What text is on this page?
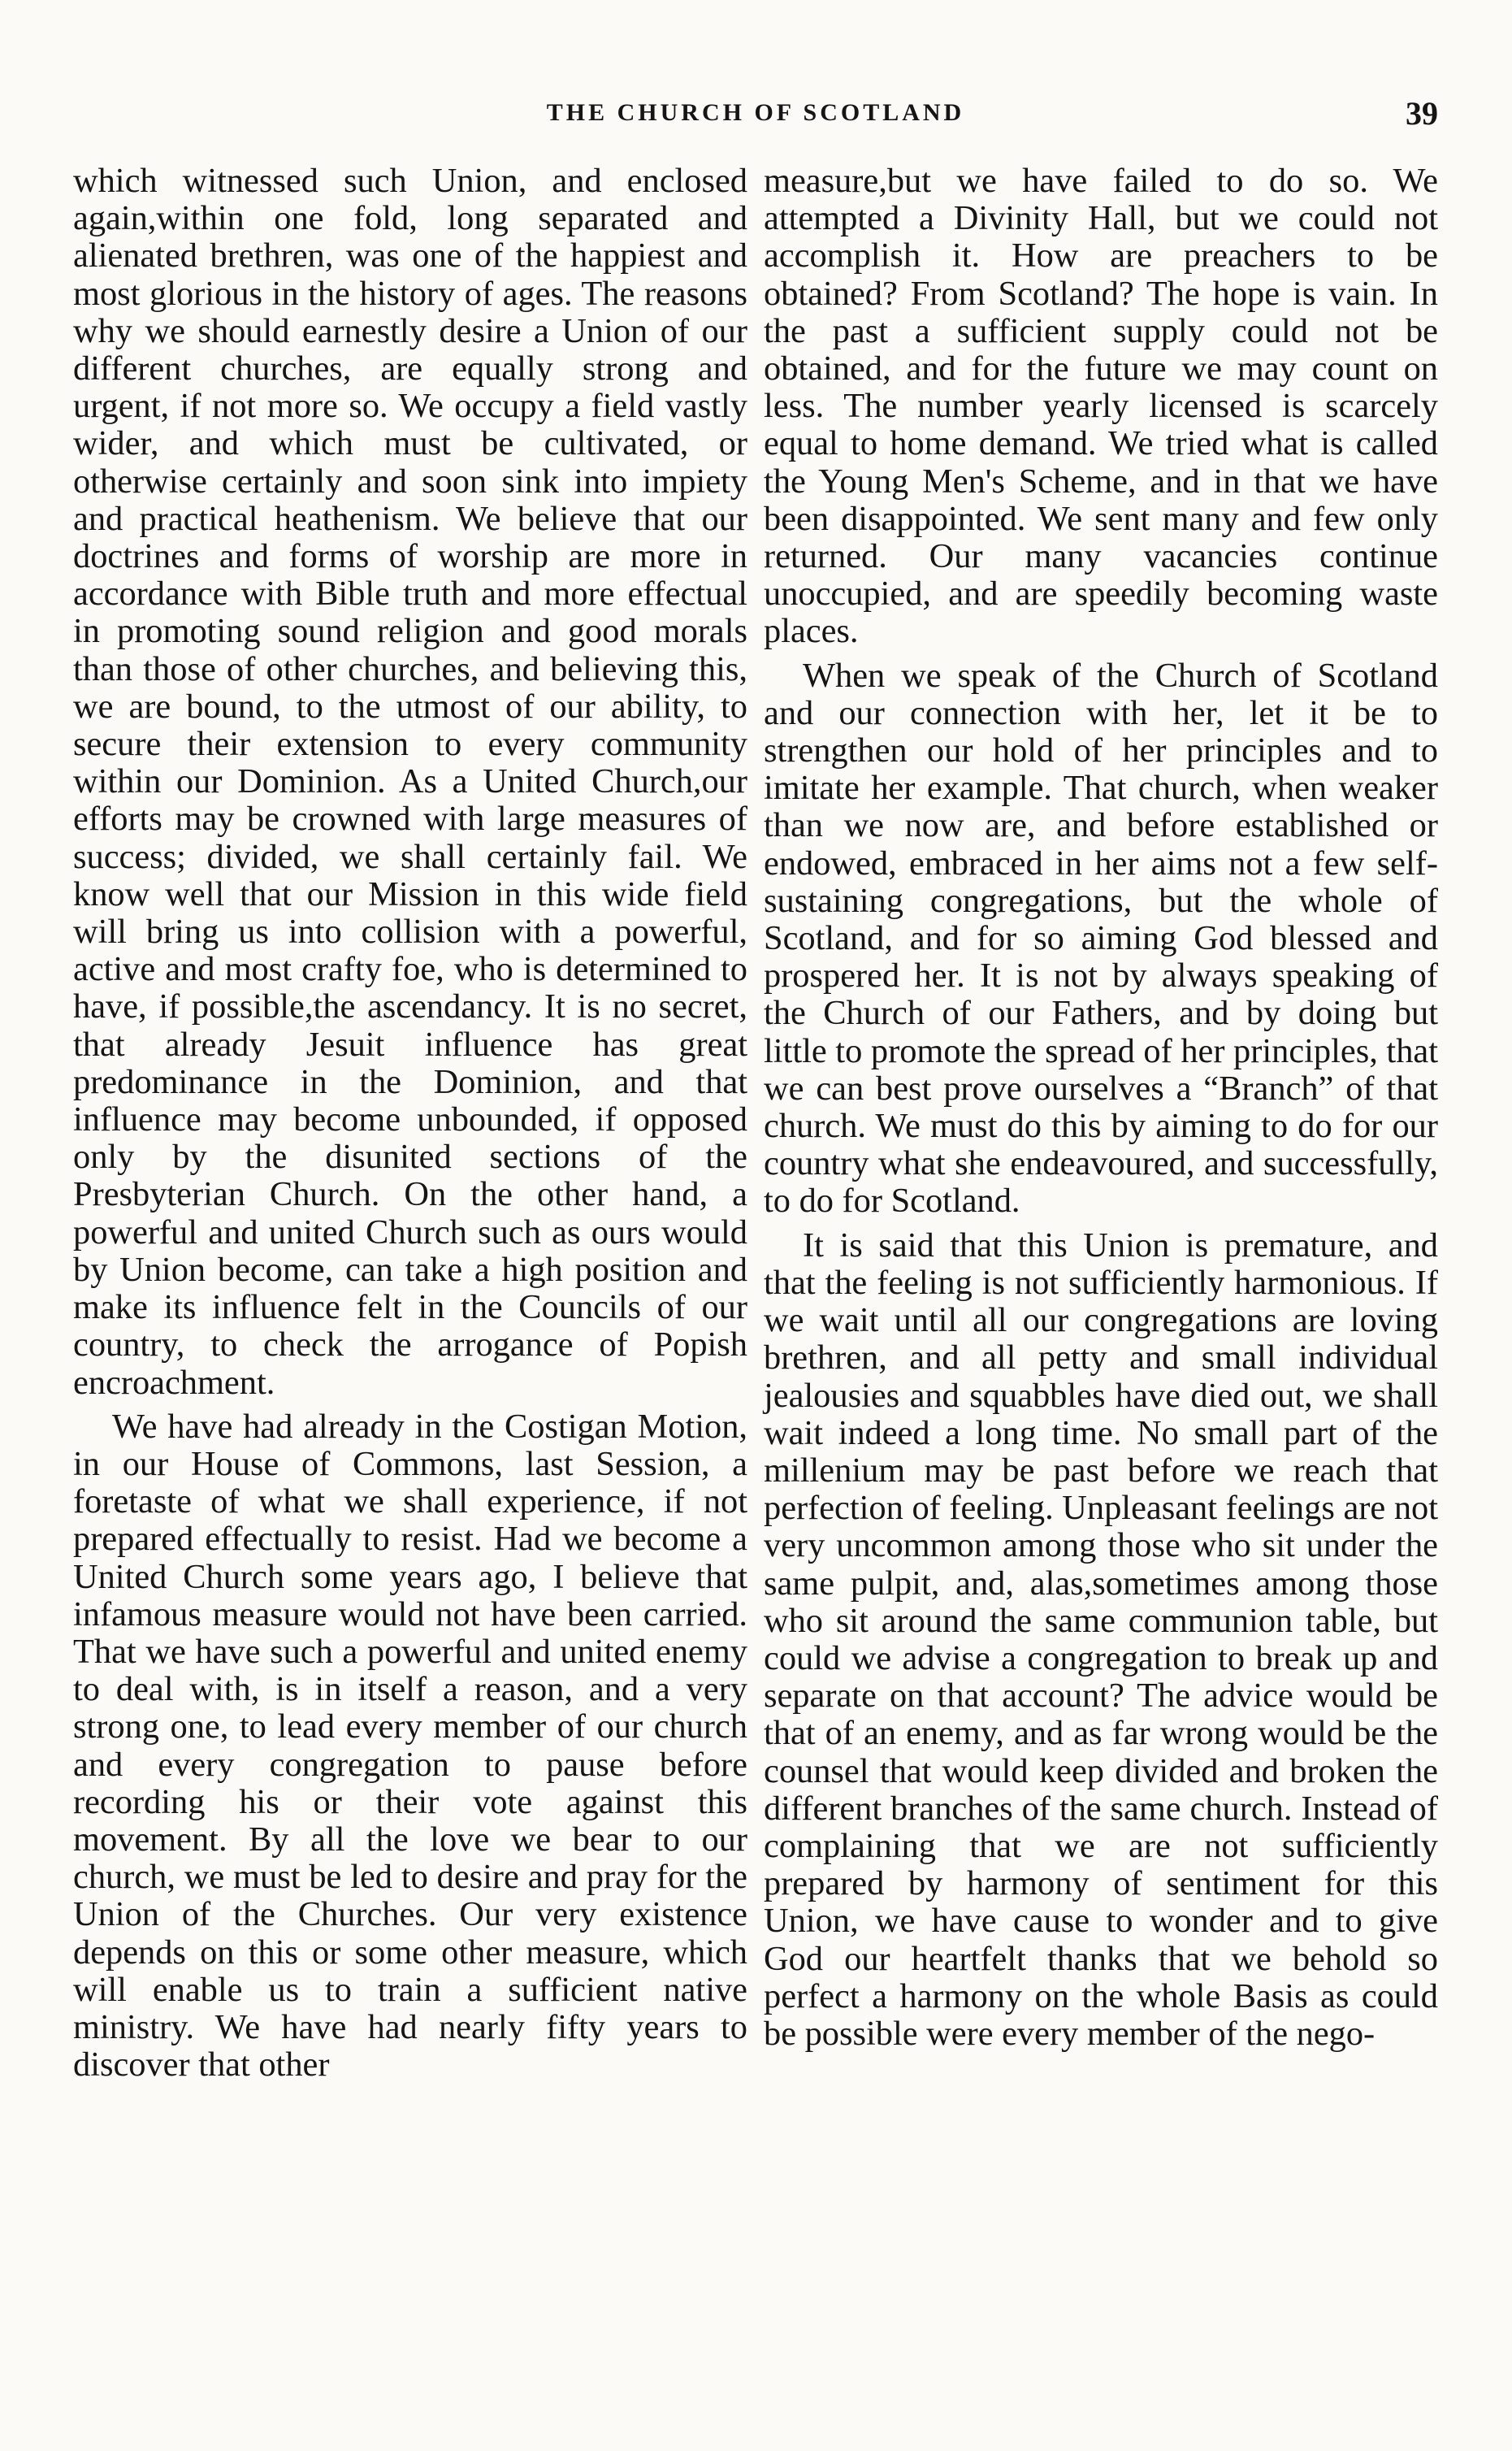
THE CHURCH OF SCOTLAND	39

which witnessed such Union, and enclosed again,within one fold, long separated and alienated brethren, was one of the happiest and most glorious in the history of ages. The reasons why we should earnestly desire a Union of our different churches, are equally strong and urgent, if not more so. We occupy a field vastly wider, and which must be cultivated, or otherwise certainly and soon sink into impiety and practical heathenism. We believe that our doctrines and forms of worship are more in accordance with Bible truth and more effectual in promoting sound religion and good morals than those of other churches, and believing this, we are bound, to the utmost of our ability, to secure their extension to every community within our Dominion. As a United Church,our efforts may be crowned with large measures of success; divided, we shall certainly fail. We know well that our Mission in this wide field will bring us into collision with a powerful, active and most crafty foe, who is determined to have, if possible,the ascendancy. It is no secret, that already Jesuit influence has great predominance in the Dominion, and that influence may become unbounded, if opposed only by the disunited sections of the Presbyterian Church. On the other hand, a powerful and united Church such as ours would by Union become, can take a high position and make its influence felt in the Councils of our country, to check the arrogance of Popish encroachment.

We have had already in the Costigan Motion, in our House of Commons, last Session, a foretaste of what we shall experience, if not prepared effectually to resist. Had we become a United Church some years ago, I believe that infamous measure would not have been carried. That we have such a powerful and united enemy to deal with, is in itself a reason, and a very strong one, to lead every member of our church and every congregation to pause before recording his or their vote against this movement. By all the love we bear to our church, we must be led to desire and pray for the Union of the Churches. Our very existence depends on this or some other measure, which will enable us to train a sufficient native ministry. We have had nearly fifty years to discover that other

measure,but we have failed to do so. We attempted a Divinity Hall, but we could not accomplish it. How are preachers to be obtained? From Scotland? The hope is vain. In the past a sufficient supply could not be obtained, and for the future we may count on less. The number yearly licensed is scarcely equal to home demand. We tried what is called the Young Men's Scheme, and in that we have been disappointed. We sent many and few only returned. Our many vacancies continue unoccupied, and are speedily becoming waste places.

When we speak of the Church of Scotland and our connection with her, let it be to strengthen our hold of her principles and to imitate her example. That church, when weaker than we now are, and before established or endowed, embraced in her aims not a few self-sustaining congregations, but the whole of Scotland, and for so aiming God blessed and prospered her. It is not by always speaking of the Church of our Fathers, and by doing but little to promote the spread of her principles, that we can best prove ourselves a “Branch” of that church. We must do this by aiming to do for our country what she endeavoured, and successfully, to do for Scotland.

It is said that this Union is premature, and that the feeling is not sufficiently harmonious. If we wait until all our congregations are loving brethren, and all petty and small individual jealousies and squabbles have died out, we shall wait indeed a long time. No small part of the millenium may be past before we reach that perfection of feeling. Unpleasant feelings are not very uncommon among those who sit under the same pulpit, and, alas,sometimes among those who sit around the same communion table, but could we advise a congregation to break up and separate on that account? The advice would be that of an enemy, and as far wrong would be the counsel that would keep divided and broken the different branches of the same church. Instead of complaining that we are not sufficiently prepared by harmony of sentiment for this Union, we have cause to wonder and to give God our heartfelt thanks that we behold so perfect a harmony on the whole Basis as could be possible were every member of the nego-
